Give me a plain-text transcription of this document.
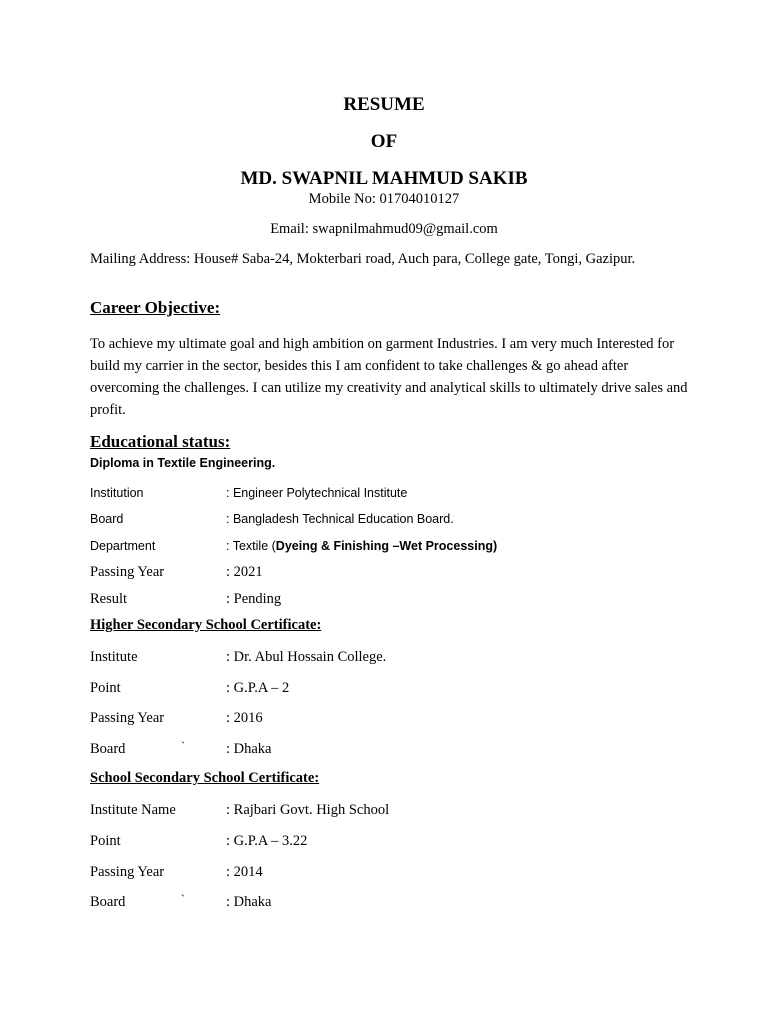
RESUME
OF
MD. SWAPNIL MAHMUD SAKIB
Mobile No: 01704010127
Email: swapnilmahmud09@gmail.com
Mailing Address: House# Saba-24, Mokterbari road, Auch para, College gate, Tongi, Gazipur.
Career Objective:
To achieve my ultimate goal and high ambition on garment Industries. I am very much Interested for build my carrier in the sector, besides this I am confident to take challenges & go ahead after overcoming the challenges. I can utilize my creativity and analytical skills to ultimately drive sales and profit.
Educational status:
Diploma in Textile Engineering.
Institution	: Engineer Polytechnical Institute
Board	: Bangladesh Technical Education Board.
Department	: Textile (Dyeing & Finishing –Wet Processing)
Passing Year	: 2021
Result	: Pending
Higher Secondary School Certificate:
Institute	: Dr. Abul Hossain College.
Point	: G.P.A – 2
Passing Year	: 2016
Board	`	: Dhaka
School Secondary School Certificate:
Institute Name	: Rajbari Govt. High School
Point	: G.P.A – 3.22
Passing Year	: 2014
Board	`	: Dhaka
